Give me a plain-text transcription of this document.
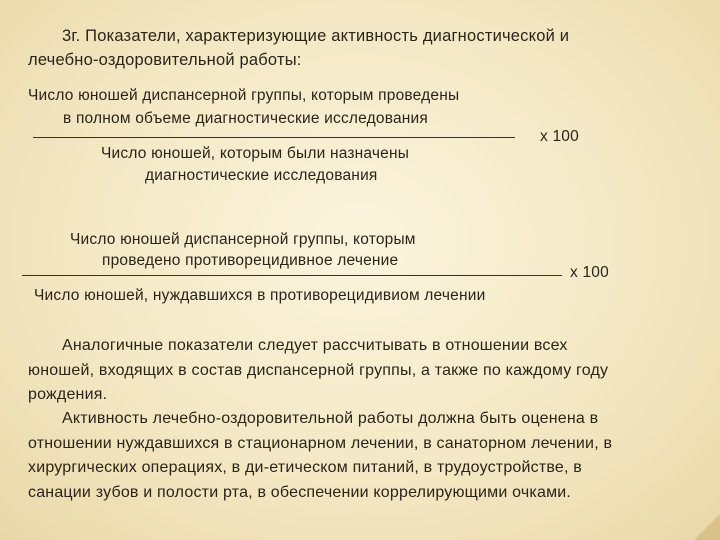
3г. Показатели, характеризующие активность диагностической и
лечебно-оздоровительной работы:
Число юношей диспансерной группы, которым проведены
в полном объеме диагностические исследования
х 100
Число юношей, которым были назначены
диагностические исследования
Число юношей диспансерной группы, которым
проведено противорецидивное лечение
х 100
Число юношей, нуждавшихся в противорецидивиом лечении
Аналогичные показатели следует рассчитывать в отношении всех
юношей, входящих в состав диспансерной группы, а также по каждому году
рождения.
Активность лечебно-оздоровительной работы должна быть оценена в
отношении нуждавшихся в стационарном лечении, в санаторном лечении, в
хирургических операциях, в ди-етическом питаний, в трудоустройстве, в
санации зубов и полости рта, в обеспечении коррелирующими очками.
